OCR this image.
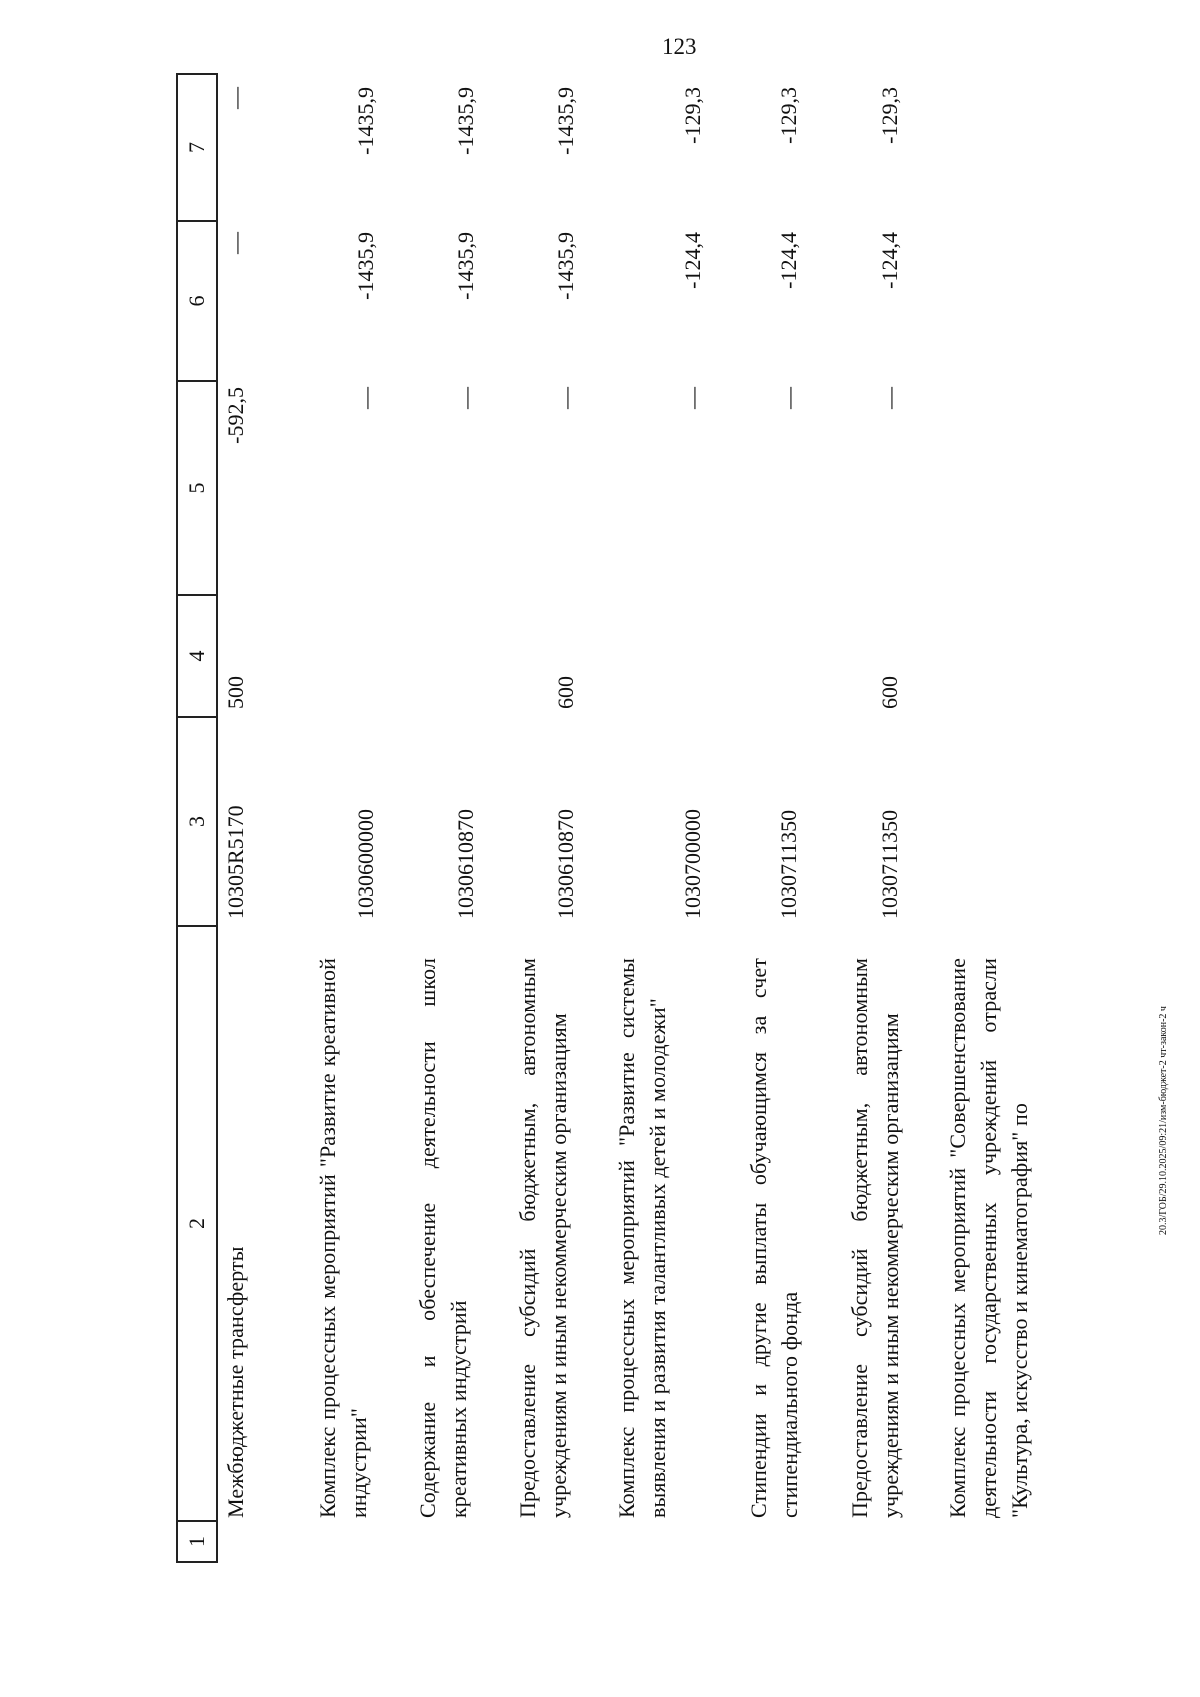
123
20.3/ГОБ/29.10.2025/09:21/изм-бюджет-2 чт-закон-2 ч
1
2
3
4
5
6
7
Межбюджетные трансферты
10305R5170
500
-592,5
—
—
Комплекс процессных мероприятий "Развитие креативной индустрии"
1030600000
—
-1435,9
-1435,9
Содержание и обеспечение деятельности школ креативных индустрий
1030610870
—
-1435,9
-1435,9
Предоставление субсидий бюджетным, автономным учреждениям и иным некоммерческим организациям
1030610870
600
—
-1435,9
-1435,9
Комплекс процессных мероприятий "Развитие системы выявления и развития талантливых детей и молодежи"
1030700000
—
-124,4
-129,3
Стипендии и другие выплаты обучающимся за счет стипендиального фонда
1030711350
—
-124,4
-129,3
Предоставление субсидий бюджетным, автономным учреждениям и иным некоммерческим организациям
1030711350
600
—
-124,4
-129,3
Комплекс процессных мероприятий "Совершенствование деятельности государственных учреждений отрасли "Культура, искусство и кинематография" по
